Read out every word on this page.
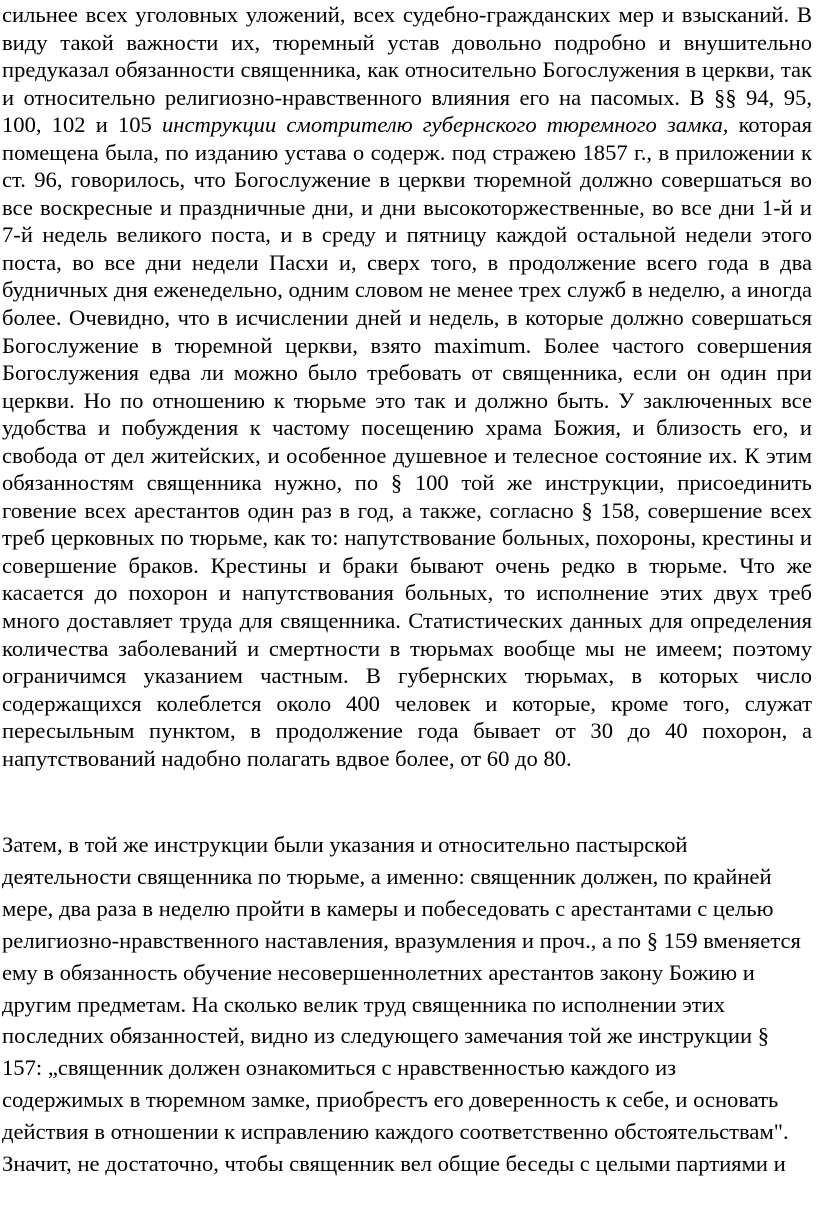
сильнее всех уголовных уложений, всех судебно-гражданских мер и взысканий. В виду такой важности их, тюремный устав довольно подробно и внушительно предуказал обязанности священника, как относительно Богослужения в церкви, так и относительно религиозно-нравственного влияния его на пасомых. В §§ 94, 95, 100, 102 и 105 инструкции смотрителю губернского тюремного замка, которая помещена была, по изданию устава о содерж. под стражею 1857 г., в приложении к ст. 96, говорилось, что Богослужение в церкви тюремной должно совершаться во все воскресные и праздничные дни, и дни высокоторжественные, во все дни 1-й и 7-й недель великого поста, и в среду и пятницу каждой остальной недели этого поста, во все дни недели Пасхи и, сверх того, в продолжение всего года в два будничных дня еженедельно, одним словом не менее трех служб в неделю, а иногда более. Очевидно, что в исчислении дней и недель, в которые должно совершаться Богослужение в тюремной церкви, взято maximum. Более частого совершения Богослужения едва ли можно было требовать от священника, если он один при церкви. Но по отношению к тюрьме это так и должно быть. У заключенных все удобства и побуждения к частому посещению храма Божия, и близость его, и свобода от дел житейских, и особенное душевное и телесное состояние их. К этим обязанностям священника нужно, по § 100 той же инструкции, присоединить говение всех арестантов один раз в год, а также, согласно § 158, совершение всех треб церковных по тюрьме, как то: напутствование больных, похороны, крестины и совершение браков. Крестины и браки бывают очень редко в тюрьме. Что же касается до похорон и напутствования больных, то исполнение этих двух треб много доставляет труда для священника. Статистических данных для определения количества заболеваний и смертности в тюрьмах вообще мы не имеем; поэтому ограничимся указанием частным. В губернских тюрьмах, в которых число содержащихся колеблется около 400 человек и которые, кроме того, служат пересыльным пунктом, в продолжение года бывает от 30 до 40 похорон, а напутствований надобно полагать вдвое более, от 60 до 80.

Затем, в той же инструкции были указания и относительно пастырской деятельности священника по тюрьме, а именно: священник должен, по крайней мере, два раза в неделю пройти в камеры и побеседовать с арестантами с целью религиозно-нравственного наставления, вразумления и проч., а по § 159 вменяется ему в обязанность обучение несовершеннолетних арестантов закону Божию и другим предметам. На сколько велик труд священника по исполнении этих последних обязанностей, видно из следующего замечания той же инструкции § 157: „священник должен ознакомиться с нравственностью каждого из содержимых в тюремном замке, приобрестъ его доверенность к себе, и основать действия в отношении к исправлению каждого соответственно обстоятельствам". Значит, не достаточно, чтобы священник вел общие беседы с целыми партиями и
